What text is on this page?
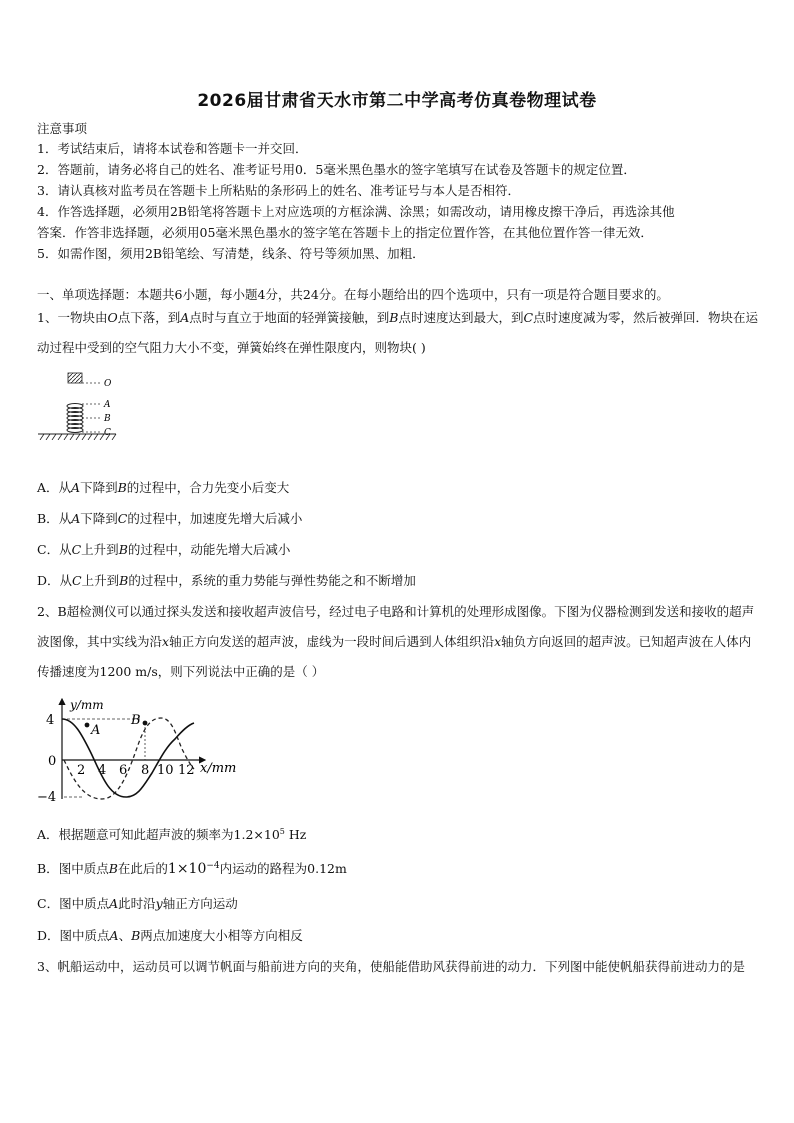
2026届甘肃省天水市第二中学高考仿真卷物理试卷
注意事项
1．考试结束后，请将本试卷和答题卡一并交回．
2．答题前，请务必将自己的姓名、准考证号用0．5毫米黑色墨水的签字笔填写在试卷及答题卡的规定位置．
3．请认真核对监考员在答题卡上所粘贴的条形码上的姓名、准考证号与本人是否相符．
4．作答选择题，必须用2B铅笔将答题卡上对应选项的方框涂满、涂黑；如需改动，请用橡皮擦干净后，再选涂其他
答案．作答非选择题，必须用05毫米黑色墨水的签字笔在答题卡上的指定位置作答，在其他位置作答一律无效．
5．如需作图，须用2B铅笔绘、写清楚，线条、符号等须加黑、加粗．
一、单项选择题：本题共6小题，每小题4分，共24分。在每小题给出的四个选项中，只有一项是符合题目要求的。
1、一物块由O点下落，到A点时与直立于地面的轻弹簧接触，到B点时速度达到最大，到C点时速度减为零，然后被弹回．物块在运动过程中受到的空气阻力大小不变，弹簧始终在弹性限度内，则物块( )
O
A
B
C
A．从A下降到B的过程中，合力先变小后变大
B．从A下降到C的过程中，加速度先增大后减小
C．从C上升到B的过程中，动能先增大后减小
D．从C上升到B的过程中，系统的重力势能与弹性势能之和不断增加
2、B超检测仪可以通过探头发送和接收超声波信号，经过电子电路和计算机的处理形成图像。下图为仪器检测到发送和接收的超声波图像，其中实线为沿x轴正方向发送的超声波，虚线为一段时间后遇到人体组织沿x轴负方向返回的超声波。已知超声波在人体内传播速度为1200 m/s，则下列说法中正确的是（ ）
y/mm
x/mm
4
0
−4
2 4 6 8 10 12
A
B
A．根据题意可知此超声波的频率为$1.2\times 10^5$ Hz
B．图中质点B在此后的$1\times 10^{-4}$内运动的路程为0.12m
C．图中质点A此时沿y轴正方向运动
D．图中质点A、B两点加速度大小相等方向相反
3、帆船运动中，运动员可以调节帆面与船前进方向的夹角，使船能借助风获得前进的动力．下列图中能使帆船获得前进动力的是
